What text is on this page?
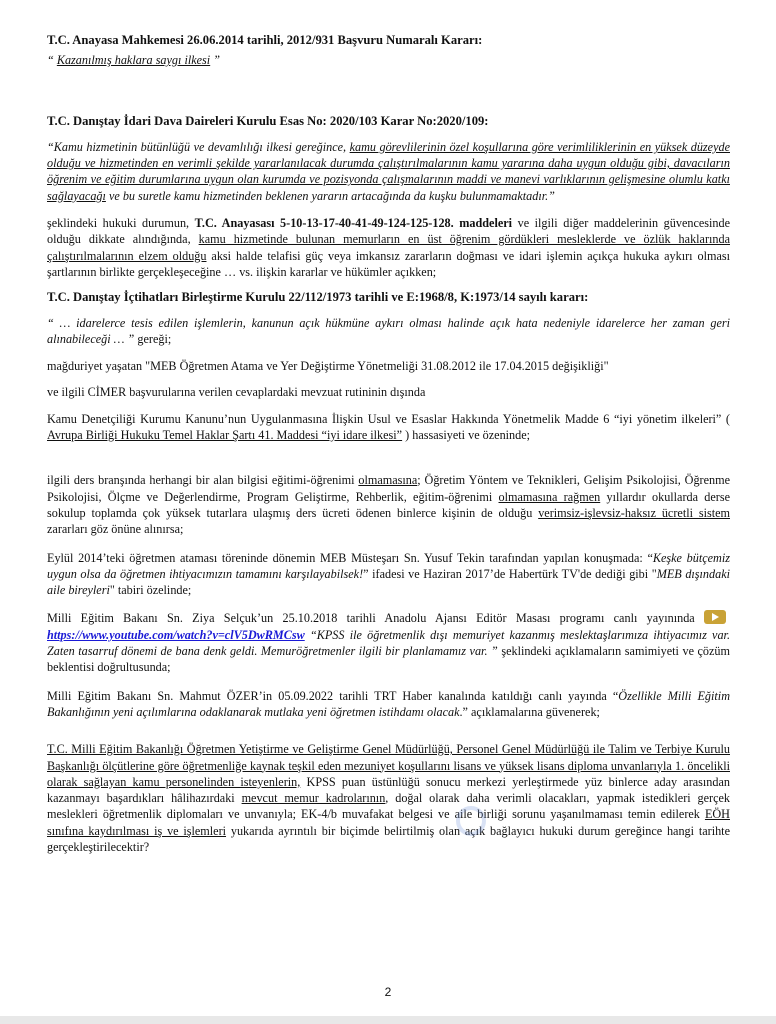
T.C. Anayasa Mahkemesi 26.06.2014 tarihli, 2012/931 Başvuru Numaralı Kararı:

“ Kazanılmış haklara saygı ilkesi ”

T.C. Danıştay İdari Dava Daireleri Kurulu Esas No: 2020/103 Karar No:2020/109:

“Kamu hizmetinin bütünlüğü ve devamlılığı ilkesi gereğince, kamu görevlilerinin özel koşullarına göre verimliliklerinin en yüksek düzeyde olduğu ve hizmetinden en verimli şekilde yararlanılacak durumda çalıştırılmalarının kamu yararına daha uygun olduğu gibi, davacıların öğrenim ve eğitim durumlarına uygun olan kurumda ve pozisyonda çalışmalarının maddi ve manevi varlıklarının gelişmesine olumlu katkı sağlayacağı ve bu suretle kamu hizmetinden beklenen yararın artacağında da kuşku bulunmamaktadır.”

şeklindeki hukuki durumun, T.C. Anayasası 5-10-13-17-40-41-49-124-125-128. maddeleri ve ilgili diğer maddelerinin güvencesinde olduğu dikkate alındığında, kamu hizmetinde bulunan memurların en üst öğrenim gördükleri mesleklerde ve özlük haklarında çalıştırılmalarının elzem olduğu aksi halde telafisi güç veya imkansız zararların doğması ve idari işlemin açıkça hukuka aykırı olması şartlarının birlikte gerçekleşeceğine … vs. ilişkin kararlar ve hükümler açıkken;

T.C. Danıştay İçtihatları Birleştirme Kurulu 22/112/1973 tarihli ve E:1968/8, K:1973/14 sayılı kararı:

“ … idarelerce tesis edilen işlemlerin, kanunun açık hükmüne aykırı olması halinde açık hata nedeniyle idarelerce her zaman geri alınabileceği … ” gereği;

mağduriyet yaşatan "MEB Öğretmen Atama ve Yer Değiştirme Yönetmeliği 31.08.2012 ile 17.04.2015 değişikliği"

ve ilgili CİMER başvurularına verilen cevaplardaki mevzuat rutininin dışında

Kamu Denetçiliği Kurumu Kanunu’nun Uygulanmasına İlişkin Usul ve Esaslar Hakkında Yönetmelik Madde 6 “iyi yönetim ilkeleri” ( Avrupa Birliği Hukuku Temel Haklar Şartı 41. Maddesi “iyi idare ilkesi” ) hassasiyeti ve özeninde;

ilgili ders branşında herhangi bir alan bilgisi eğitimi-öğrenimi olmamasına; Öğretim Yöntem ve Teknikleri, Gelişim Psikolojisi, Öğrenme Psikolojisi, Ölçme ve Değerlendirme, Program Geliştirme, Rehberlik, eğitim-öğrenimi olmamasına rağmen yıllardır okullarda derse sokulup toplamda çok yüksek tutarlara ulaşmış ders ücreti ödenen binlerce kişinin de olduğu verimsiz-işlevsiz-haksız ücretli sistem zararları göz önüne alınırsa;

Eylül 2014’teki öğretmen ataması töreninde dönemin MEB Müsteşarı Sn. Yusuf Tekin tarafından yapılan konuşmada: “Keşke bütçemiz uygun olsa da öğretmen ihtiyacımızın tamamını karşılayabilsek!” ifadesi ve Haziran 2017’de Habertürk TV'de dediği gibi "MEB dışındaki aile bireyleri" tabiri özelinde;

Milli Eğitim Bakanı Sn. Ziya Selçuk’un 25.10.2018 tarihli Anadolu Ajansı Editör Masası programı canlı yayınında https://www.youtube.com/watch?v=clV5DwRMCsw “KPSS ile öğretmenlik dışı memuriyet kazanmış meslektaşlarımıza ihtiyacımız var. Zaten tasarruf dönemi de bana denk geldi. Memuröğretmenler ilgili bir planlamamız var. ” şeklindeki açıklamaların samimiyeti ve çözüm beklentisi doğrultusunda;

Milli Eğitim Bakanı Sn. Mahmut ÖZER’in 05.09.2022 tarihli TRT Haber kanalında katıldığı canlı yayında “Özellikle Milli Eğitim Bakanlığının yeni açılımlarına odaklanarak mutlaka yeni öğretmen istihdamı olacak.” açıklamalarına güvenerek;

T.C. Milli Eğitim Bakanlığı Öğretmen Yetiştirme ve Geliştirme Genel Müdürlüğü, Personel Genel Müdürlüğü ile Talim ve Terbiye Kurulu Başkanlığı ölçütlerine göre öğretmenliğe kaynak teşkil eden mezuniyet koşullarını lisans ve yüksek lisans diploma unvanlarıyla 1. öncelikli olarak sağlayan kamu personelinden isteyenlerin, KPSS puan üstünlüğü sonucu merkezi yerleştirmede yüz binlerce aday arasından kazanmayı başardıkları hâlihazırdaki mevcut memur kadrolarının, doğal olarak daha verimli olacakları, yapmak istedikleri gerçek meslekleri öğretmenlik diplomaları ve unvanıyla; EK-4/b muvafakat belgesi ve aile birliği sorunu yaşanılmaması temin edilerek EÖH sınıfına kaydırılması iş ve işlemleri yukarıda ayrıntılı bir biçimde belirtilmiş olan açık bağlayıcı hukuki durum gereğince hangi tarihte gerçekleştirilecektir?

2
